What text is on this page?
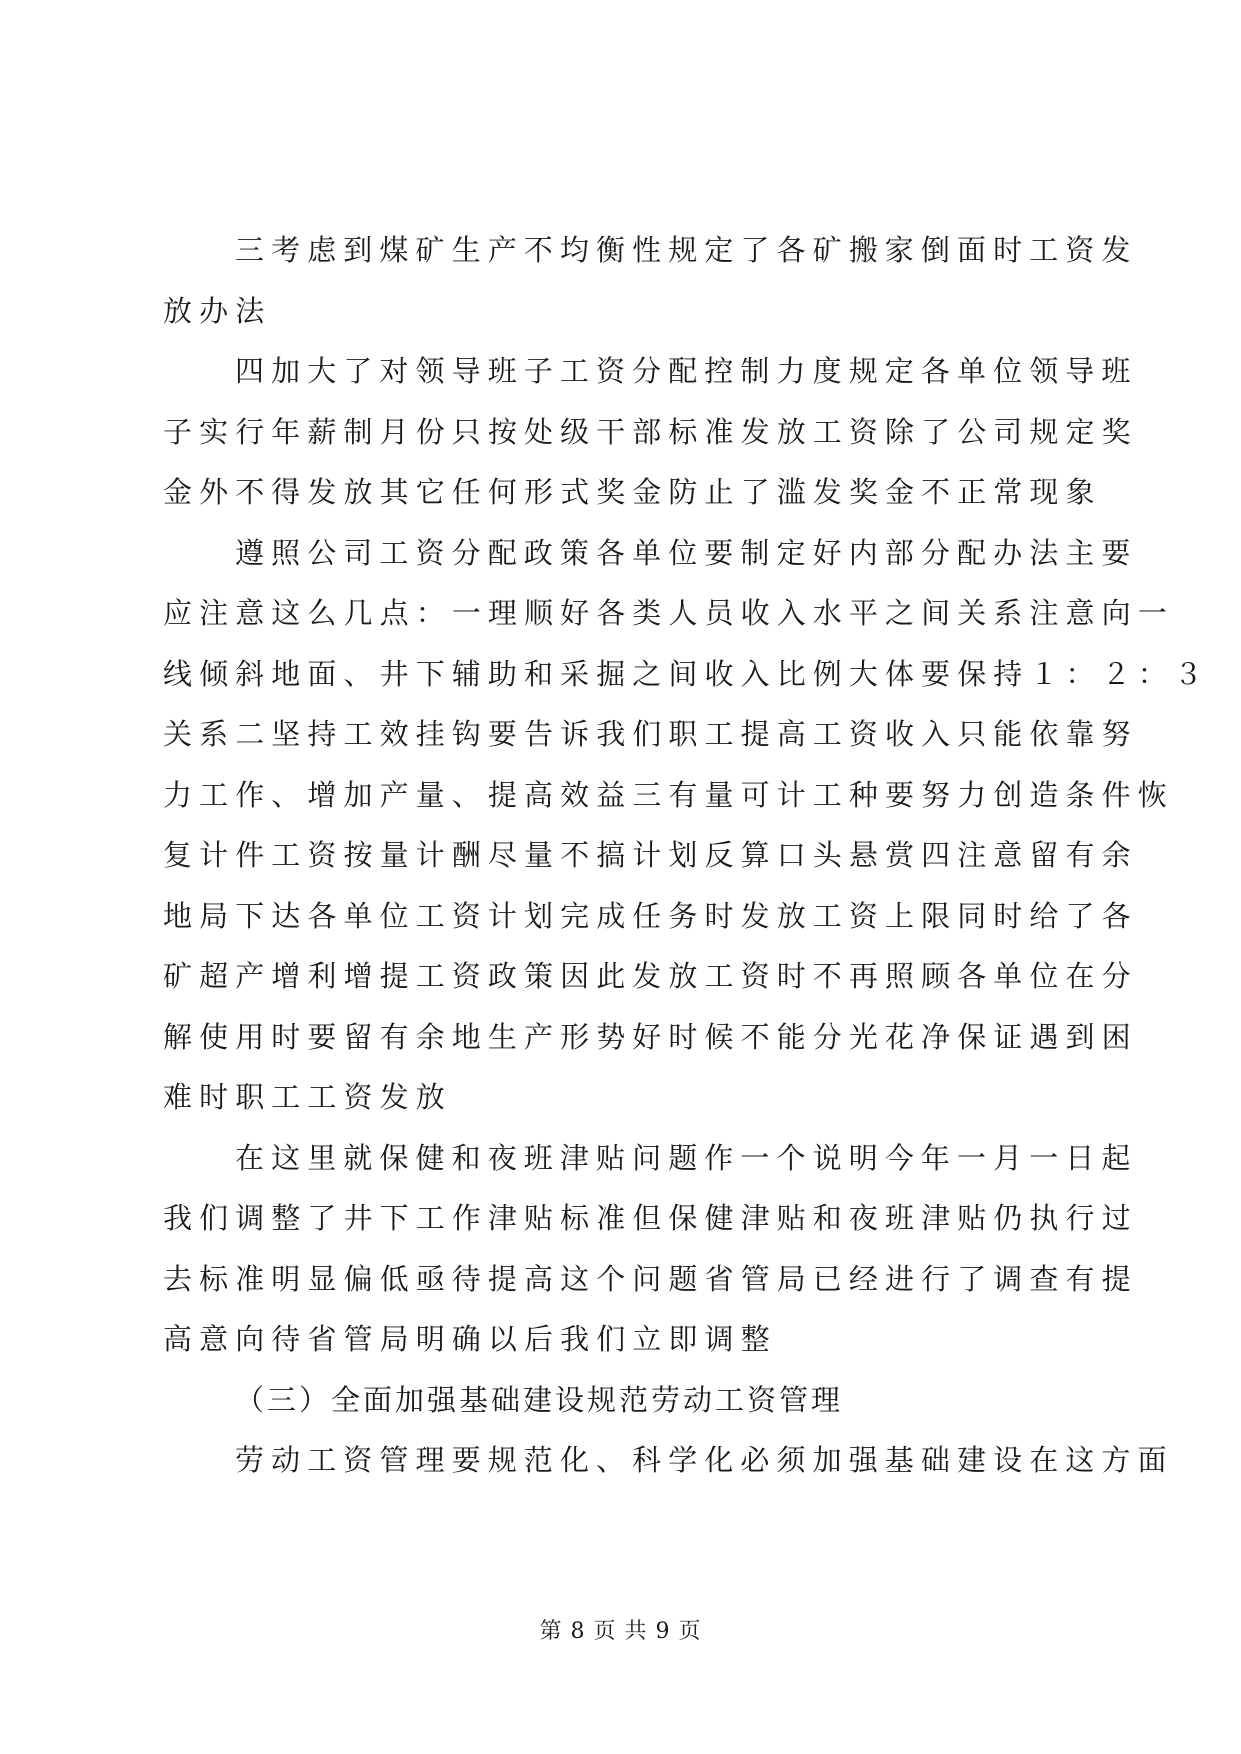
三考虑到煤矿生产不均衡性规定了各矿搬家倒面时工资发
放办法
四加大了对领导班子工资分配控制力度规定各单位领导班
子实行年薪制月份只按处级干部标准发放工资除了公司规定奖
金外不得发放其它任何形式奖金防止了滥发奖金不正常现象
遵照公司工资分配政策各单位要制定好内部分配办法主要
应注意这么几点：一理顺好各类人员收入水平之间关系注意向一
线倾斜地面、井下辅助和采掘之间收入比例大体要保持１：２：３
关系二坚持工效挂钩要告诉我们职工提高工资收入只能依靠努
力工作、增加产量、提高效益三有量可计工种要努力创造条件恢
复计件工资按量计酬尽量不搞计划反算口头悬赏四注意留有余
地局下达各单位工资计划完成任务时发放工资上限同时给了各
矿超产增利增提工资政策因此发放工资时不再照顾各单位在分
解使用时要留有余地生产形势好时候不能分光花净保证遇到困
难时职工工资发放
在这里就保健和夜班津贴问题作一个说明今年一月一日起
我们调整了井下工作津贴标准但保健津贴和夜班津贴仍执行过
去标准明显偏低亟待提高这个问题省管局已经进行了调查有提
高意向待省管局明确以后我们立即调整
（三）全面加强基础建设规范劳动工资管理
劳动工资管理要规范化、科学化必须加强基础建设在这方面
第 8 页 共 9 页
